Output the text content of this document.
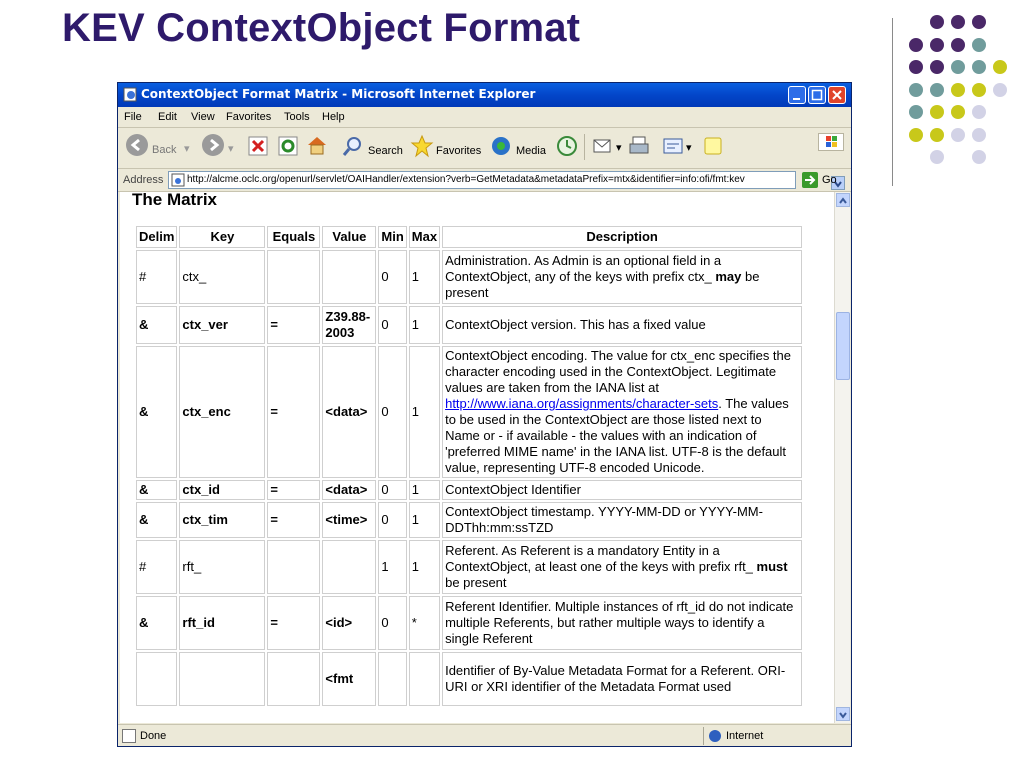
KEV ContextObject Format
ContextObject Format Matrix - Microsoft Internet Explorer
File Edit View Favorites Tools Help
Back ▾	▾	Search	Favorites	Media	▾	▾
Address http://alcme.oclc.org/openurl/servlet/OAIHandler/extension?verb=GetMetadata&metadataPrefix=mtx&identifier=info:ofi/fmt:kev	Go
The Matrix
Delim	Key	Equals	Value	Min	Max	Description
#	ctx_			0	1	Administration. As Admin is an optional field in a ContextObject, any of the keys with prefix ctx_ may be present
&	ctx_ver	=	Z39.88-2003	0	1	ContextObject version. This has a fixed value
&	ctx_enc	=	<data>	0	1	ContextObject encoding. The value for ctx_enc specifies the character encoding used in the ContextObject. Legitimate values are taken from the IANA list at http://www.iana.org/assignments/character-sets. The values to be used in the ContextObject are those listed next to Name or - if available - the values with an indication of 'preferred MIME name' in the IANA list. UTF-8 is the default value, representing UTF-8 encoded Unicode.
&	ctx_id	=	<data>	0	1	ContextObject Identifier
&	ctx_tim	=	<time>	0	1	ContextObject timestamp. YYYY-MM-DD or YYYY-MM-DDThh:mm:ssTZD
#	rft_			1	1	Referent. As Referent is a mandatory Entity in a ContextObject, at least one of the keys with prefix rft_ must be present
&	rft_id	=	<id>	0	*	Referent Identifier. Multiple instances of rft_id do not indicate multiple Referents, but rather multiple ways to identify a single Referent
			<fmt			Identifier of By-Value Metadata Format for a Referent. ORI-URI or XRI identifier of the Metadata Format used
Done	Internet
